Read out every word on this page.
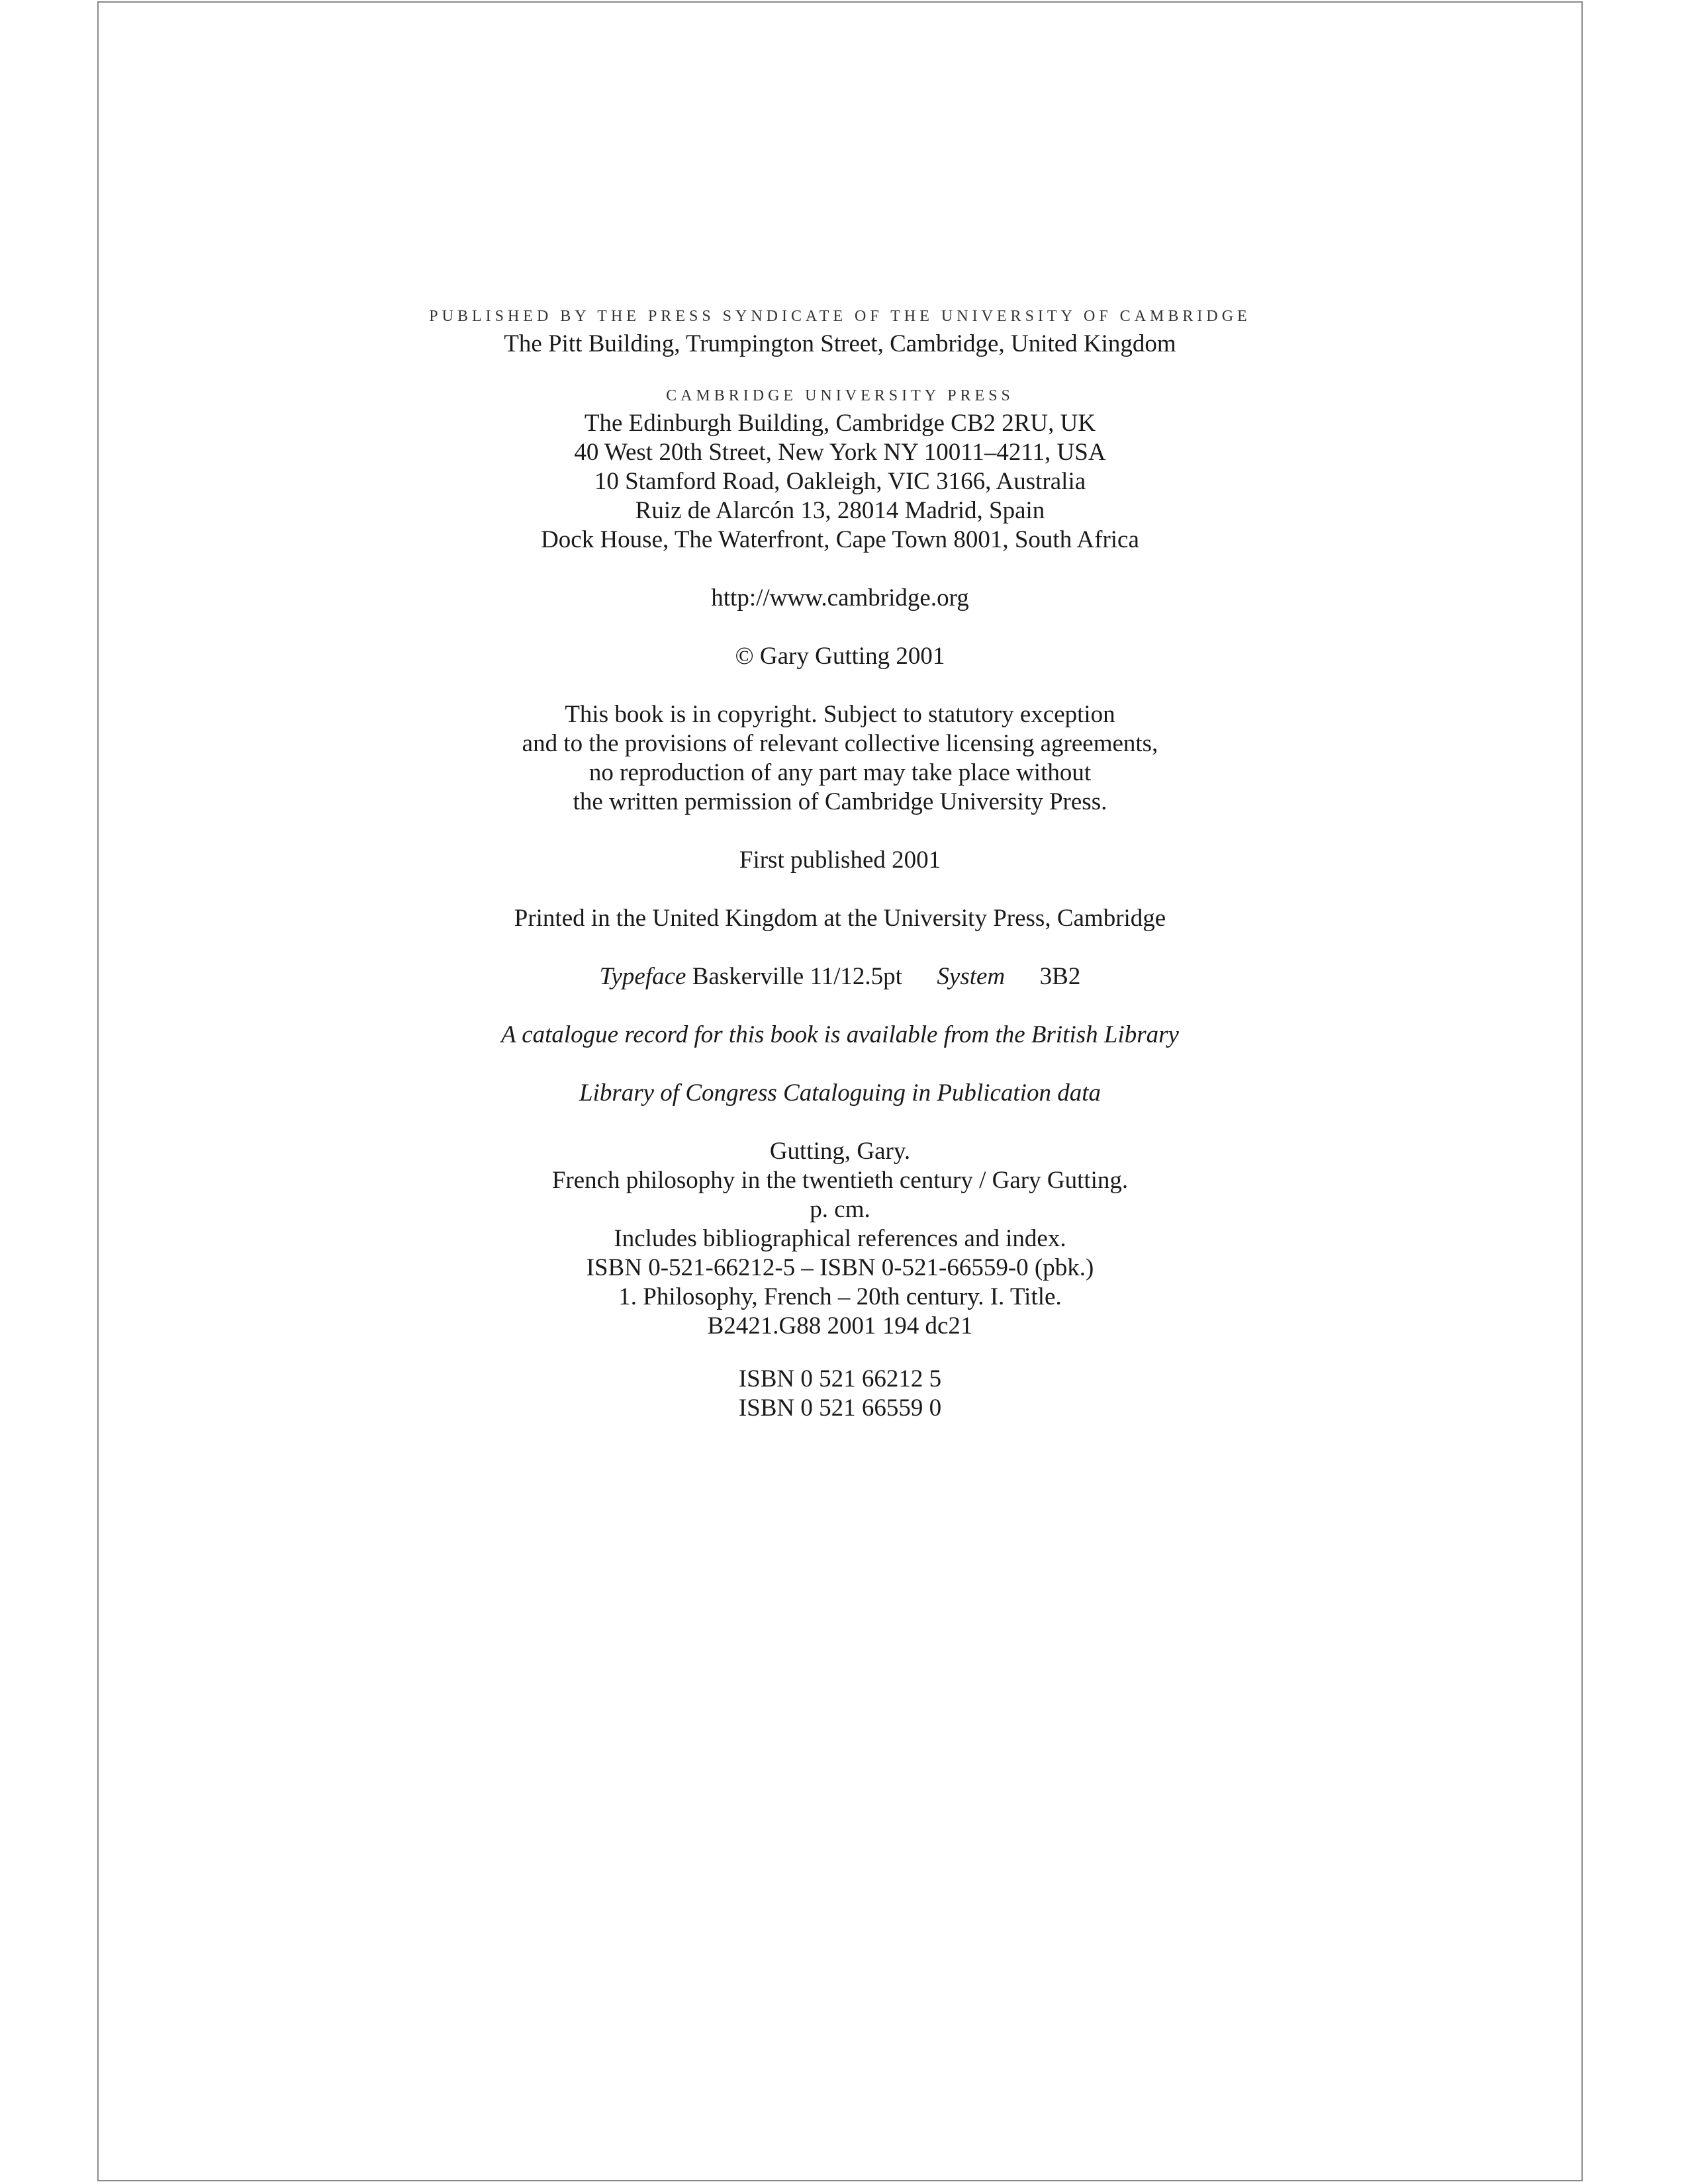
PUBLISHED BY THE PRESS SYNDICATE OF THE UNIVERSITY OF CAMBRIDGE

The Pitt Building, Trumpington Street, Cambridge, United Kingdom

CAMBRIDGE UNIVERSITY PRESS

The Edinburgh Building, Cambridge CB2 2RU, UK

40 West 20th Street, New York NY 10011–4211, USA

10 Stamford Road, Oakleigh, VIC 3166, Australia

Ruiz de Alarcón 13, 28014 Madrid, Spain

Dock House, The Waterfront, Cape Town 8001, South Africa

http://www.cambridge.org

© Gary Gutting 2001

This book is in copyright. Subject to statutory exception

and to the provisions of relevant collective licensing agreements,

no reproduction of any part may take place without

the written permission of Cambridge University Press.

First published 2001

Printed in the United Kingdom at the University Press, Cambridge

Typeface Baskerville 11/12.5pt System 3B2

A catalogue record for this book is available from the British Library

Library of Congress Cataloguing in Publication data

Gutting, Gary.

French philosophy in the twentieth century / Gary Gutting.

p. cm.

Includes bibliographical references and index.

ISBN 0-521-66212-5 – ISBN 0-521-66559-0 (pbk.)

1. Philosophy, French – 20th century. I. Title.

B2421.G88 2001 194 dc21

ISBN 0 521 66212 5

ISBN 0 521 66559 0
